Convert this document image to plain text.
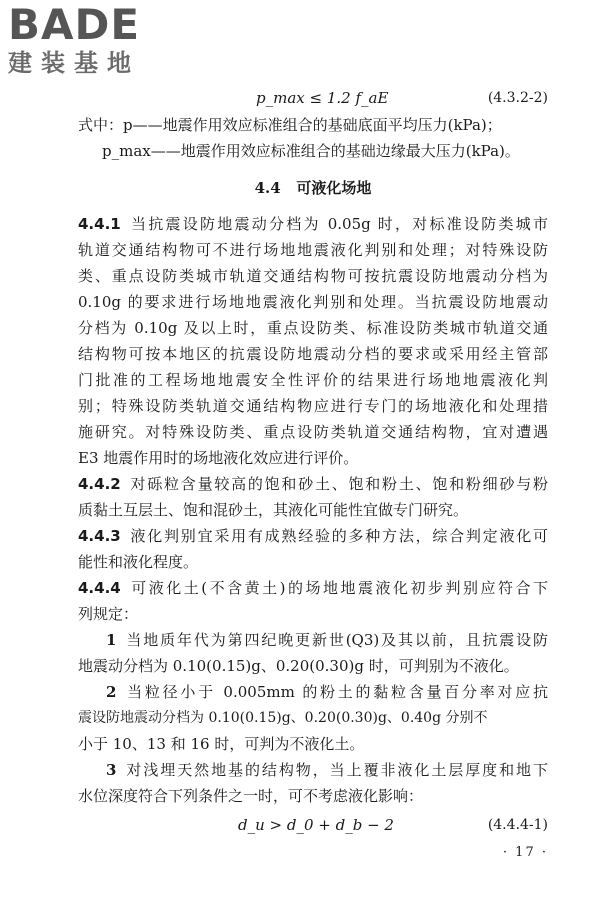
BADE
建装基地
p_max ≤ 1.2 f_aE	(4.3.2-2)
式中：p——地震作用效应标准组合的基础底面平均压力(kPa)；
p_max——地震作用效应标准组合的基础边缘最大压力(kPa)。
4.4 可液化场地
4.4.1 当抗震设防地震动分档为 0.05g 时，对标准设防类城市
轨道交通结构物可不进行场地地震液化判别和处理；对特殊设防
类、重点设防类城市轨道交通结构物可按抗震设防地震动分档为
0.10g 的要求进行场地地震液化判别和处理。当抗震设防地震动
分档为 0.10g 及以上时，重点设防类、标准设防类城市轨道交通
结构物可按本地区的抗震设防地震动分档的要求或采用经主管部
门批准的工程场地地震安全性评价的结果进行场地地震液化判
别；特殊设防类轨道交通结构物应进行专门的场地液化和处理措
施研究。对特殊设防类、重点设防类轨道交通结构物，宜对遭遇
E3 地震作用时的场地液化效应进行评价。
4.4.2 对砾粒含量较高的饱和砂土、饱和粉土、饱和粉细砂与粉
质黏土互层土、饱和混砂土，其液化可能性宜做专门研究。
4.4.3 液化判别宜采用有成熟经验的多种方法，综合判定液化可
能性和液化程度。
4.4.4 可液化土(不含黄土)的场地地震液化初步判别应符合下
列规定：
1 当地质年代为第四纪晚更新世(Q3)及其以前，且抗震设防
地震动分档为 0.10(0.15)g、0.20(0.30)g 时，可判别为不液化。
2 当粒径小于 0.005mm 的粉土的黏粒含量百分率对应抗
震设防地震动分档为 0.10(0.15)g、0.20(0.30)g、0.40g 分别不
小于 10、13 和 16 时，可判为不液化土。
3 对浅埋天然地基的结构物，当上覆非液化土层厚度和地下
水位深度符合下列条件之一时，可不考虑液化影响：
d_u > d_0 + d_b − 2	(4.4.4-1)
· 17 ·
